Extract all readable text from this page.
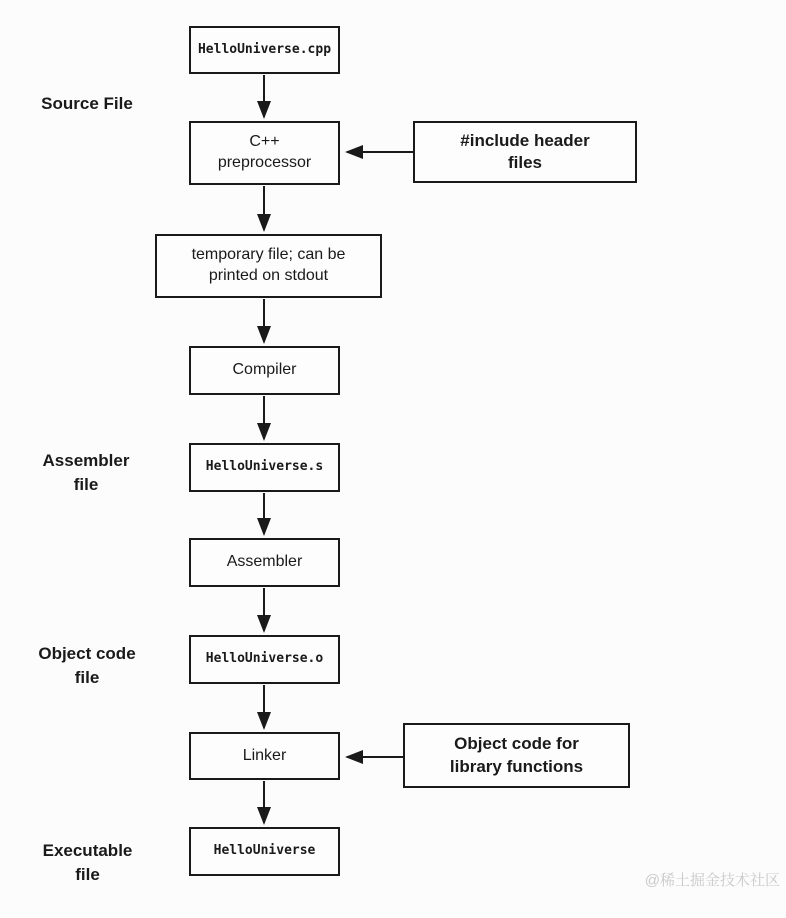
Source File
Assembler file
Object code file
Executable file
HelloUniverse.cpp
C++ preprocessor
temporary file; can be printed on stdout
Compiler
HelloUniverse.s
Assembler
HelloUniverse.o
Linker
HelloUniverse
#include header files
Object code for library functions
@稀土掘金技术社区
